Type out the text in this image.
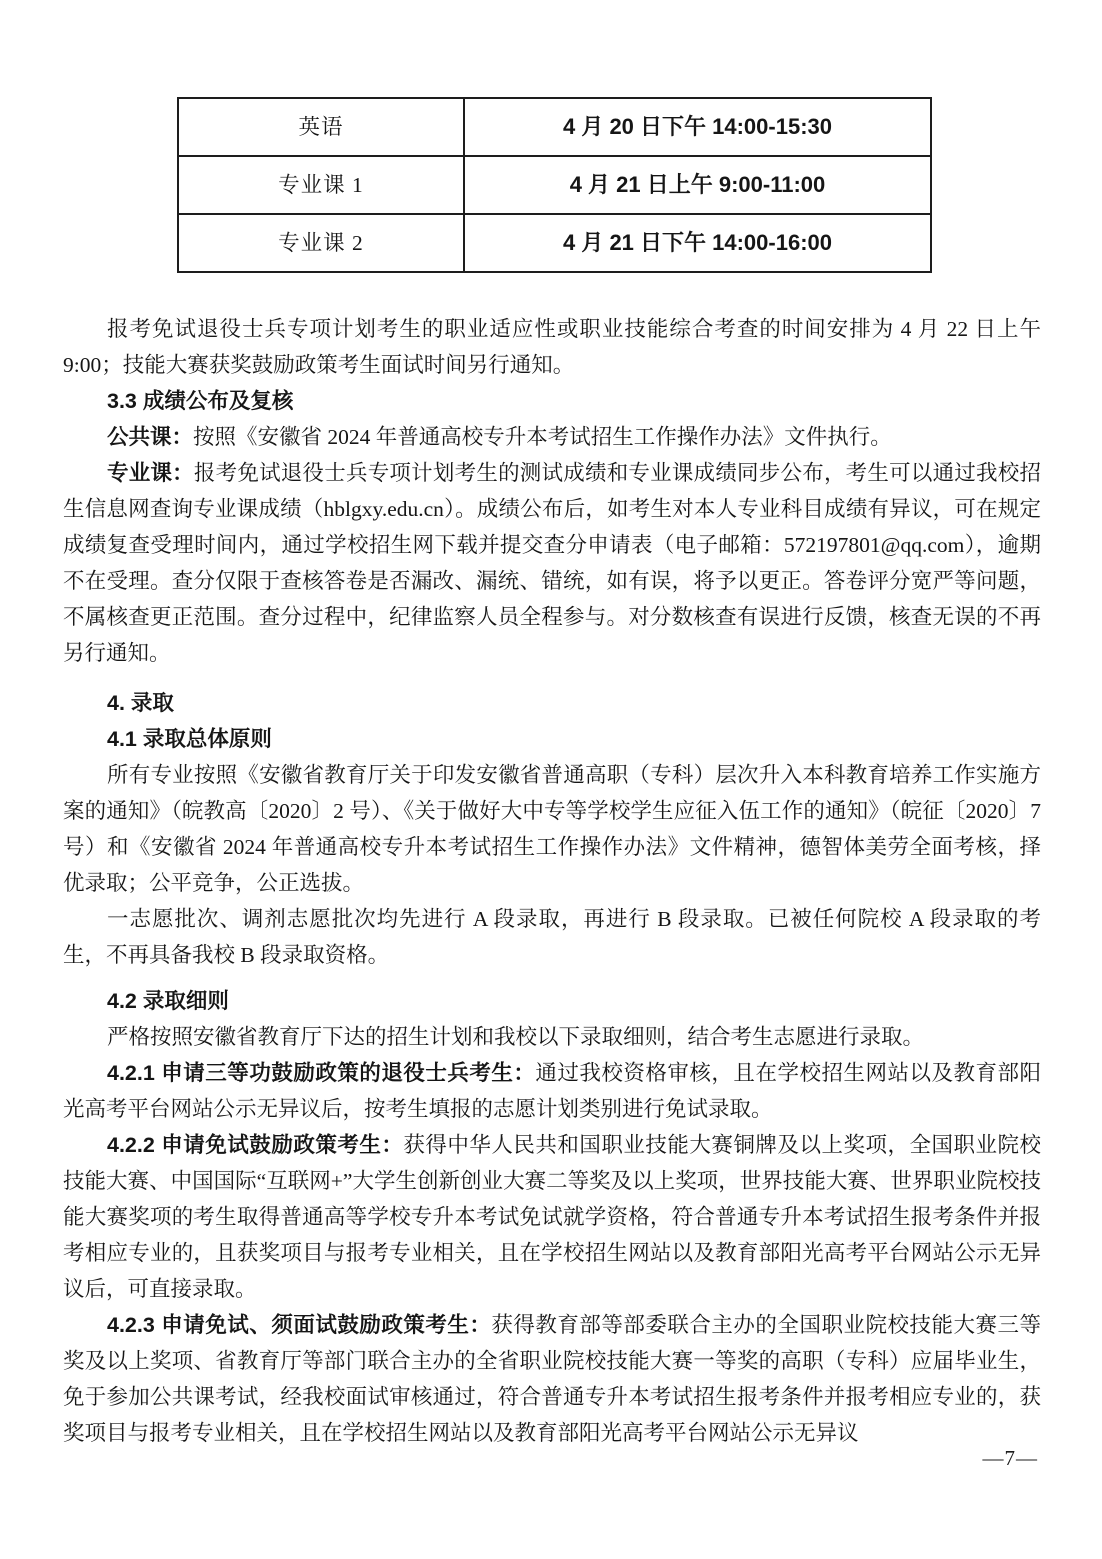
英语	4 月 20 日下午 14:00-15:30
专业课 1	4 月 21 日上午 9:00-11:00
专业课 2	4 月 21 日下午 14:00-16:00

报考免试退役士兵专项计划考生的职业适应性或职业技能综合考查的时间安排为 4 月 22 日上午 9:00；技能大赛获奖鼓励政策考生面试时间另行通知。

3.3 成绩公布及复核

公共课：按照《安徽省 2024 年普通高校专升本考试招生工作操作办法》文件执行。

专业课：报考免试退役士兵专项计划考生的测试成绩和专业课成绩同步公布，考生可以通过我校招生信息网查询专业课成绩（hblgxy.edu.cn）。成绩公布后，如考生对本人专业科目成绩有异议，可在规定成绩复查受理时间内，通过学校招生网下载并提交查分申请表（电子邮箱：572197801@qq.com），逾期不在受理。查分仅限于查核答卷是否漏改、漏统、错统，如有误，将予以更正。答卷评分宽严等问题，不属核查更正范围。查分过程中，纪律监察人员全程参与。对分数核查有误进行反馈，核查无误的不再另行通知。

4. 录取

4.1 录取总体原则

所有专业按照《安徽省教育厅关于印发安徽省普通高职（专科）层次升入本科教育培养工作实施方案的通知》（皖教高〔2020〕2 号）、《关于做好大中专等学校学生应征入伍工作的通知》（皖征〔2020〕7 号）和《安徽省 2024 年普通高校专升本考试招生工作操作办法》文件精神，德智体美劳全面考核，择优录取；公平竞争，公正选拔。

一志愿批次、调剂志愿批次均先进行 A 段录取，再进行 B 段录取。已被任何院校 A 段录取的考生，不再具备我校 B 段录取资格。

4.2 录取细则

严格按照安徽省教育厅下达的招生计划和我校以下录取细则，结合考生志愿进行录取。

4.2.1 申请三等功鼓励政策的退役士兵考生：通过我校资格审核，且在学校招生网站以及教育部阳光高考平台网站公示无异议后，按考生填报的志愿计划类别进行免试录取。

4.2.2 申请免试鼓励政策考生：获得中华人民共和国职业技能大赛铜牌及以上奖项，全国职业院校技能大赛、中国国际“互联网+”大学生创新创业大赛二等奖及以上奖项，世界技能大赛、世界职业院校技能大赛奖项的考生取得普通高等学校专升本考试免试就学资格，符合普通专升本考试招生报考条件并报考相应专业的，且获奖项目与报考专业相关，且在学校招生网站以及教育部阳光高考平台网站公示无异议后，可直接录取。

4.2.3 申请免试、须面试鼓励政策考生：获得教育部等部委联合主办的全国职业院校技能大赛三等奖及以上奖项、省教育厅等部门联合主办的全省职业院校技能大赛一等奖的高职（专科）应届毕业生，免于参加公共课考试，经我校面试审核通过，符合普通专升本考试招生报考条件并报考相应专业的，获奖项目与报考专业相关，且在学校招生网站以及教育部阳光高考平台网站公示无异议

—7—
